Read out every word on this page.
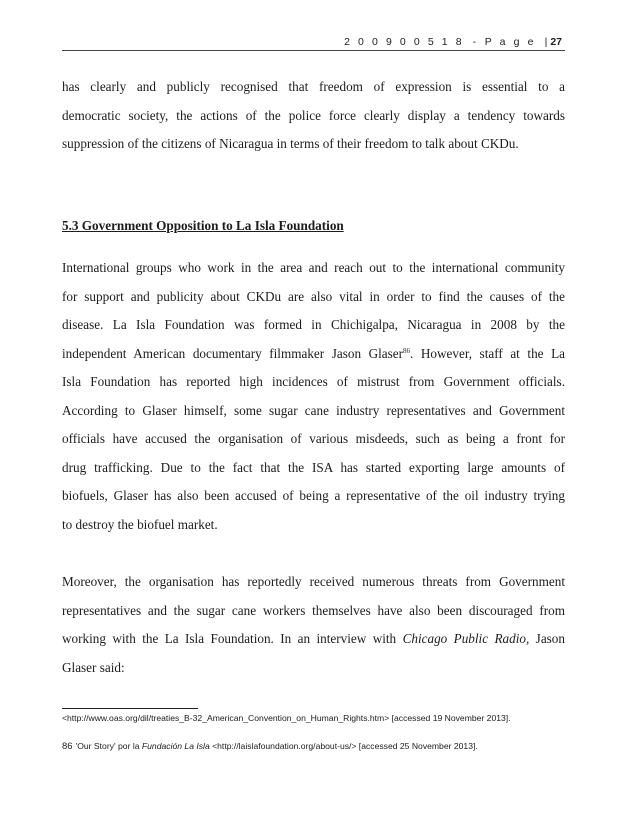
2 0 0 9 0 0 5 1 8 - P a g e | 27
has clearly and publicly recognised that freedom of expression is essential to a
democratic society, the actions of the police force clearly display a tendency towards
suppression of the citizens of Nicaragua in terms of their freedom to talk about CKDu.
5.3 Government Opposition to La Isla Foundation
International groups who work in the area and reach out to the international community
for support and publicity about CKDu are also vital in order to find the causes of the
disease. La Isla Foundation was formed in Chichigalpa, Nicaragua in 2008 by the
independent American documentary filmmaker Jason Glaser$^{86}$. However, staff at the La
Isla Foundation has reported high incidences of mistrust from Government officials.
According to Glaser himself, some sugar cane industry representatives and Government
officials have accused the organisation of various misdeeds, such as being a front for
drug trafficking. Due to the fact that the ISA has started exporting large amounts of
biofuels, Glaser has also been accused of being a representative of the oil industry trying
to destroy the biofuel market.
Moreover, the organisation has reportedly received numerous threats from Government
representatives and the sugar cane workers themselves have also been discouraged from
working with the La Isla Foundation. In an interview with Chicago Public Radio, Jason
Glaser said:
<http://www.oas.org/dil/treaties_B-32_American_Convention_on_Human_Rights.htm> [accessed 19 November 2013].
86 'Our Story' por la Fundación La Isla <http://laislafoundation.org/about-us/> [accessed 25 November 2013].
